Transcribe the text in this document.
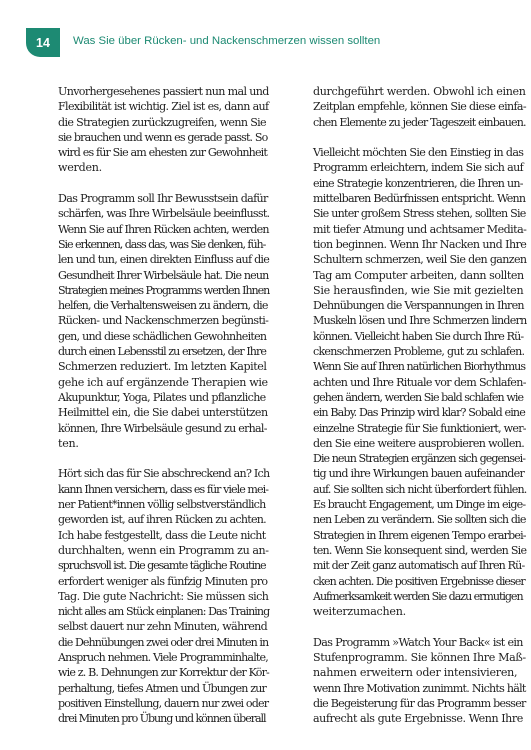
14 Was Sie über Rücken- und Nackenschmerzen wissen sollten
Unvorhergesehenes passiert nun mal und
Flexibilität ist wichtig. Ziel ist es, dann auf
die Strategien zurückzugreifen, wenn Sie
sie brauchen und wenn es gerade passt. So
wird es für Sie am ehesten zur Gewohnheit
werden.
Das Programm soll Ihr Bewusstsein dafür
schärfen, was Ihre Wirbelsäule beeinflusst.
Wenn Sie auf Ihren Rücken achten, werden
Sie erkennen, dass das, was Sie denken, füh-
len und tun, einen direkten Einfluss auf die
Gesundheit Ihrer Wirbelsäule hat. Die neun
Strategien meines Programms werden Ihnen
helfen, die Verhaltensweisen zu ändern, die
Rücken- und Nackenschmerzen begünsti-
gen, und diese schädlichen Gewohnheiten
durch einen Lebensstil zu ersetzen, der Ihre
Schmerzen reduziert. Im letzten Kapitel
gehe ich auf ergänzende Therapien wie
Akupunktur, Yoga, Pilates und pflanzliche
Heilmittel ein, die Sie dabei unterstützen
können, Ihre Wirbelsäule gesund zu erhal-
ten.
Hört sich das für Sie abschreckend an? Ich
kann Ihnen versichern, dass es für viele mei-
ner Patient*innen völlig selbstverständlich
geworden ist, auf ihren Rücken zu achten.
Ich habe festgestellt, dass die Leute nicht
durchhalten, wenn ein Programm zu an-
spruchsvoll ist. Die gesamte tägliche Routine
erfordert weniger als fünfzig Minuten pro
Tag. Die gute Nachricht: Sie müssen sich
nicht alles am Stück einplanen: Das Training
selbst dauert nur zehn Minuten, während
die Dehnübungen zwei oder drei Minuten in
Anspruch nehmen. Viele Programminhalte,
wie z. B. Dehnungen zur Korrektur der Kör-
perhaltung, tiefes Atmen und Übungen zur
positiven Einstellung, dauern nur zwei oder
drei Minuten pro Übung und können überall
durchgeführt werden. Obwohl ich einen
Zeitplan empfehle, können Sie diese einfa-
chen Elemente zu jeder Tageszeit einbauen.
Vielleicht möchten Sie den Einstieg in das
Programm erleichtern, indem Sie sich auf
eine Strategie konzentrieren, die Ihren un-
mittelbaren Bedürfnissen entspricht. Wenn
Sie unter großem Stress stehen, sollten Sie
mit tiefer Atmung und achtsamer Medita-
tion beginnen. Wenn Ihr Nacken und Ihre
Schultern schmerzen, weil Sie den ganzen
Tag am Computer arbeiten, dann sollten
Sie herausfinden, wie Sie mit gezielten
Dehnübungen die Verspannungen in Ihren
Muskeln lösen und Ihre Schmerzen lindern
können. Vielleicht haben Sie durch Ihre Rü-
ckenschmerzen Probleme, gut zu schlafen.
Wenn Sie auf Ihren natürlichen Biorhythmus
achten und Ihre Rituale vor dem Schlafen-
gehen ändern, werden Sie bald schlafen wie
ein Baby. Das Prinzip wird klar? Sobald eine
einzelne Strategie für Sie funktioniert, wer-
den Sie eine weitere ausprobieren wollen.
Die neun Strategien ergänzen sich gegensei-
tig und ihre Wirkungen bauen aufeinander
auf. Sie sollten sich nicht überfordert fühlen.
Es braucht Engagement, um Dinge im eige-
nen Leben zu verändern. Sie sollten sich die
Strategien in Ihrem eigenen Tempo erarbei-
ten. Wenn Sie konsequent sind, werden Sie
mit der Zeit ganz automatisch auf Ihren Rü-
cken achten. Die positiven Ergebnisse dieser
Aufmerksamkeit werden Sie dazu ermutigen
weiterzumachen.
Das Programm »Watch Your Back« ist ein
Stufenprogramm. Sie können Ihre Maß-
nahmen erweitern oder intensivieren,
wenn Ihre Motivation zunimmt. Nichts hält
die Begeisterung für das Programm besser
aufrecht als gute Ergebnisse. Wenn Ihre
